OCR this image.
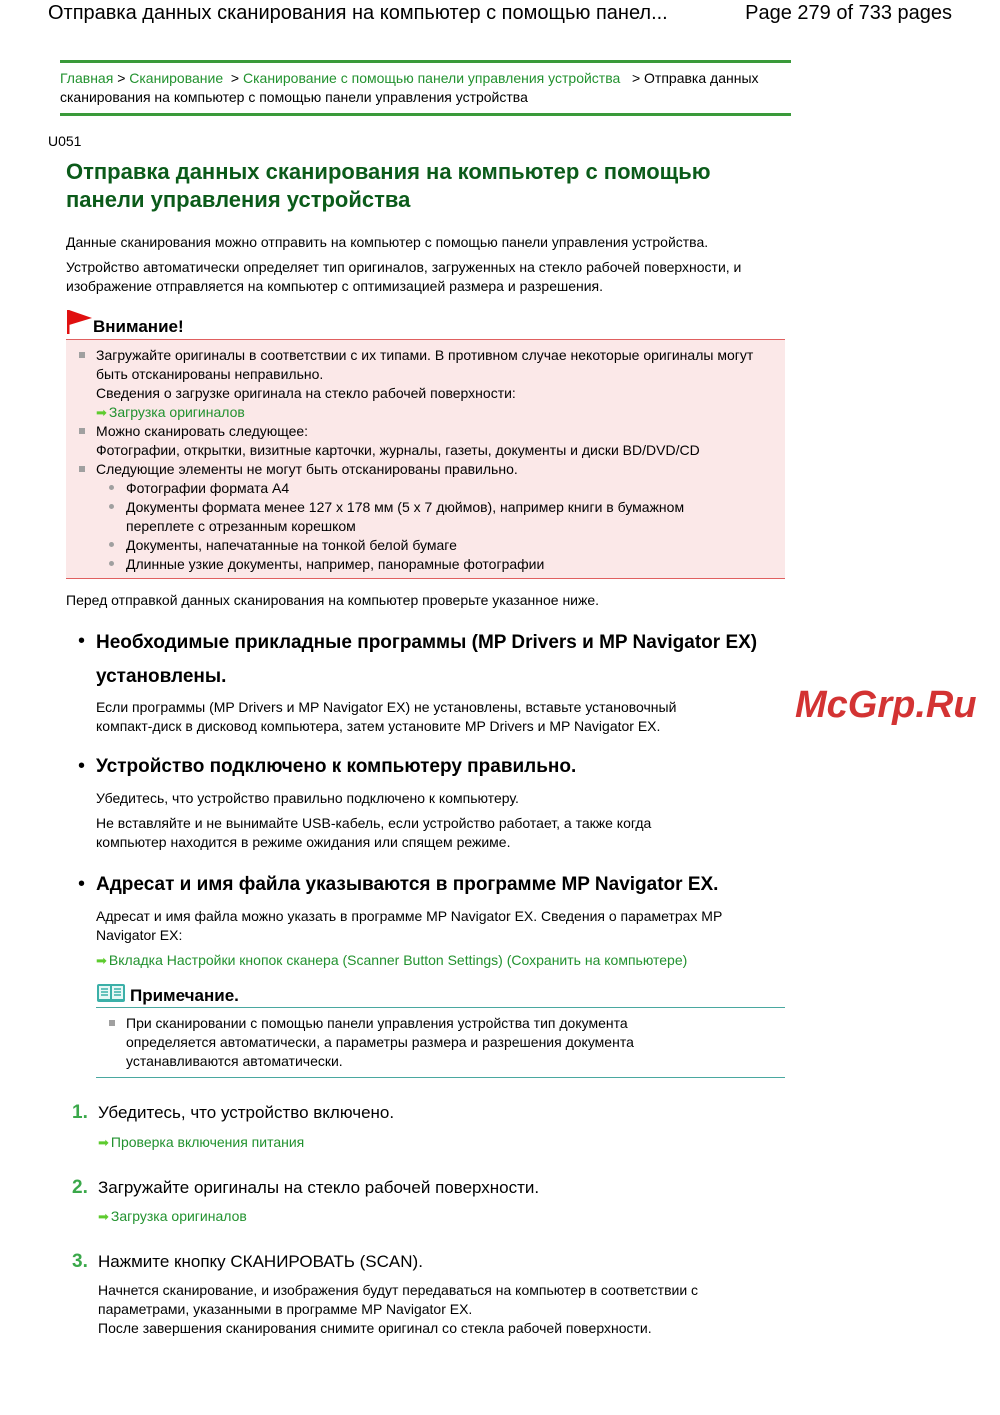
Отправка данных сканирования на компьютер с помощью панел...	Page 279 of 733 pages
Главная > Сканирование > Сканирование с помощью панели управления устройства > Отправка данных сканирования на компьютер с помощью панели управления устройства
U051
Отправка данных сканирования на компьютер с помощью панели управления устройства
Данные сканирования можно отправить на компьютер с помощью панели управления устройства.
Устройство автоматически определяет тип оригиналов, загруженных на стекло рабочей поверхности, и изображение отправляется на компьютер с оптимизацией размера и разрешения.
Внимание!
Загружайте оригиналы в соответствии с их типами. В противном случае некоторые оригиналы могут быть отсканированы неправильно.
Сведения о загрузке оригинала на стекло рабочей поверхности:
➡ Загрузка оригиналов
Можно сканировать следующее:
Фотографии, открытки, визитные карточки, журналы, газеты, документы и диски BD/DVD/CD
Следующие элементы не могут быть отсканированы правильно.
Фотографии формата A4
Документы формата менее 127 x 178 мм (5 x 7 дюймов), например книги в бумажном переплете с отрезанным корешком
Документы, напечатанные на тонкой белой бумаге
Длинные узкие документы, например, панорамные фотографии
Перед отправкой данных сканирования на компьютер проверьте указанное ниже.
• Необходимые прикладные программы (MP Drivers и MP Navigator EX) установлены.
Если программы (MP Drivers и MP Navigator EX) не установлены, вставьте установочный компакт-диск в дисковод компьютера, затем установите MP Drivers и MP Navigator EX.
• Устройство подключено к компьютеру правильно.
Убедитесь, что устройство правильно подключено к компьютеру.
Не вставляйте и не вынимайте USB-кабель, если устройство работает, а также когда компьютер находится в режиме ожидания или спящем режиме.
• Адресат и имя файла указываются в программе MP Navigator EX.
Адресат и имя файла можно указать в программе MP Navigator EX. Сведения о параметрах MP Navigator EX:
➡ Вкладка Настройки кнопок сканера (Scanner Button Settings) (Сохранить на компьютере)
Примечание.
При сканировании с помощью панели управления устройства тип документа определяется автоматически, а параметры размера и разрешения документа устанавливаются автоматически.
1. Убедитесь, что устройство включено.
➡ Проверка включения питания
2. Загружайте оригиналы на стекло рабочей поверхности.
➡ Загрузка оригиналов
3. Нажмите кнопку СКАНИРОВАТЬ (SCAN).
Начнется сканирование, и изображения будут передаваться на компьютер в соответствии с параметрами, указанными в программе MP Navigator EX.
После завершения сканирования снимите оригинал со стекла рабочей поверхности.
McGrp.Ru
